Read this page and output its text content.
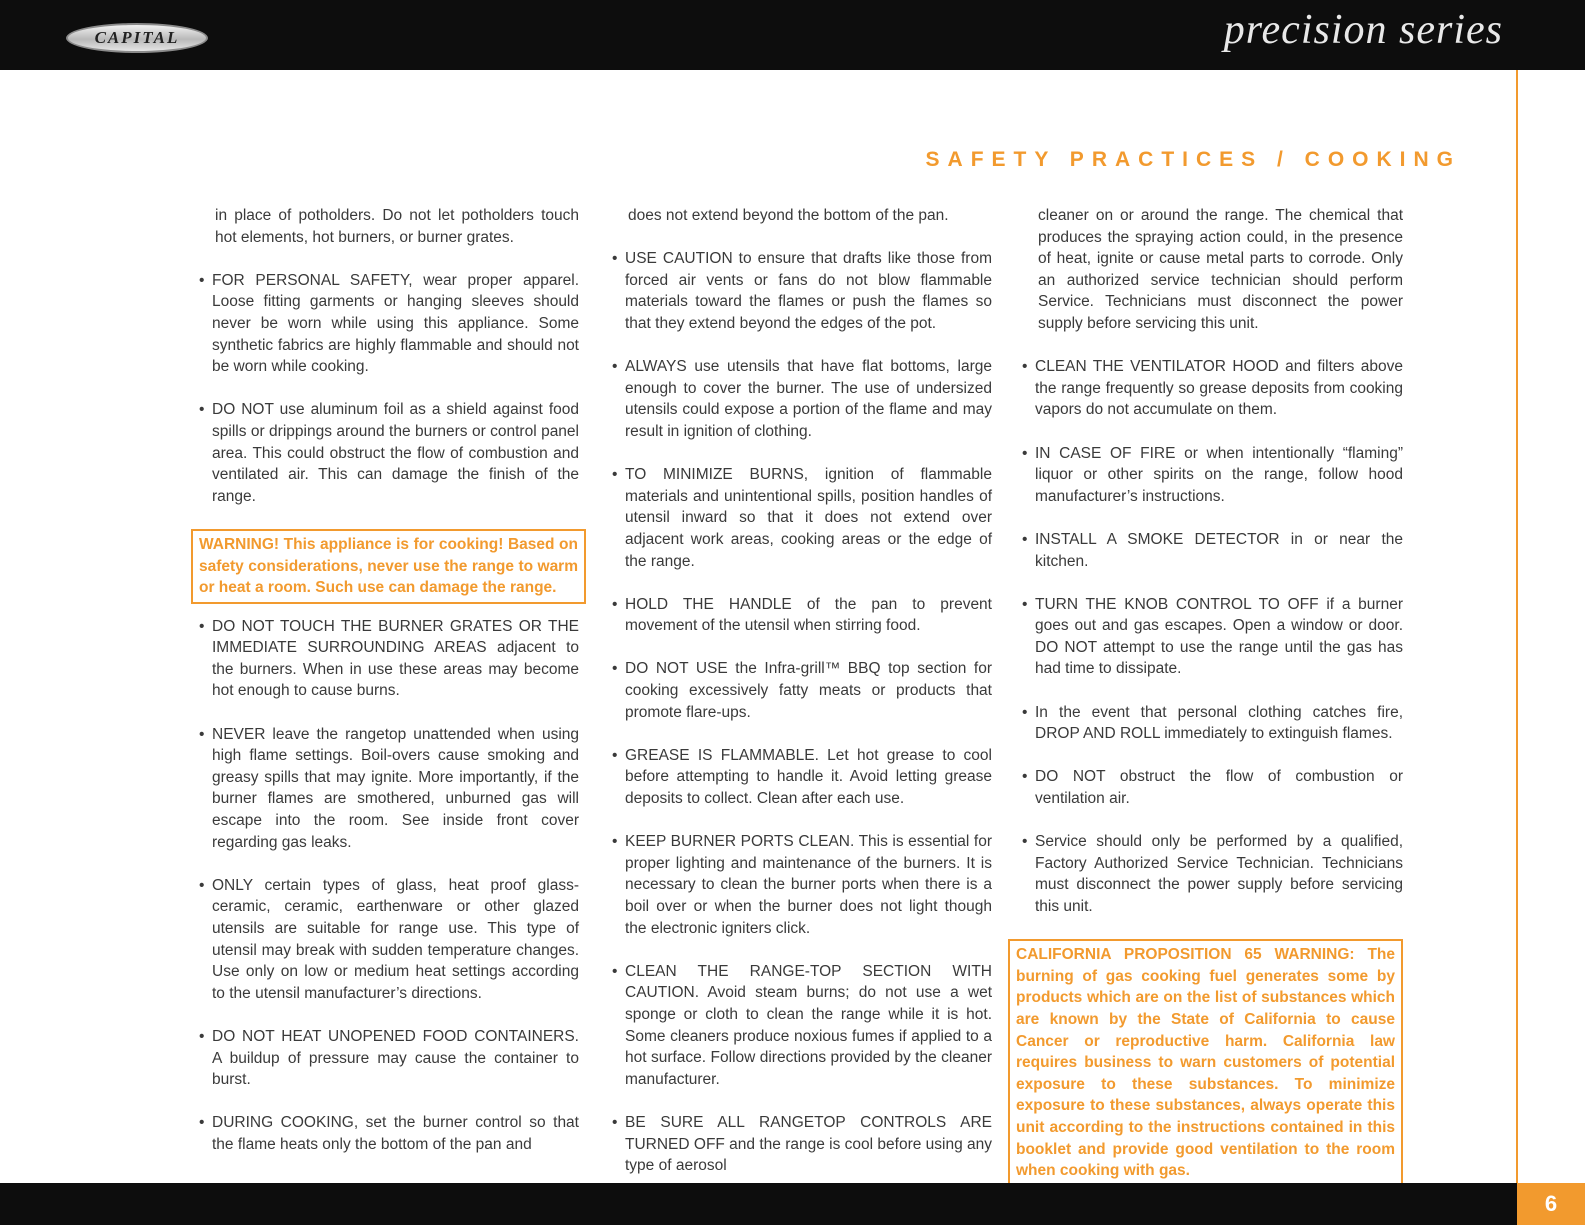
CAPITAL	precision series
SAFETY PRACTICES / COOKING
in place of potholders. Do not let potholders touch hot elements, hot burners, or burner grates.
• FOR PERSONAL SAFETY, wear proper apparel. Loose fitting garments or hanging sleeves should never be worn while using this appliance. Some synthetic fabrics are highly flammable and should not be worn while cooking.
• DO NOT use aluminum foil as a shield against food spills or drippings around the burners or control panel area. This could obstruct the flow of combustion and ventilated air. This can damage the finish of the range.
WARNING! This appliance is for cooking! Based on safety considerations, never use the range to warm or heat a room. Such use can damage the range.
• DO NOT TOUCH THE BURNER GRATES OR THE IMMEDIATE SURROUNDING AREAS adjacent to the burners. When in use these areas may become hot enough to cause burns.
• NEVER leave the rangetop unattended when using high flame settings. Boil-overs cause smoking and greasy spills that may ignite. More importantly, if the burner flames are smothered, unburned gas will escape into the room. See inside front cover regarding gas leaks.
• ONLY certain types of glass, heat proof glass-ceramic, ceramic, earthenware or other glazed utensils are suitable for range use. This type of utensil may break with sudden temperature changes. Use only on low or medium heat settings according to the utensil manufacturer’s directions.
• DO NOT HEAT UNOPENED FOOD CONTAINERS. A buildup of pressure may cause the container to burst.
• DURING COOKING, set the burner control so that the flame heats only the bottom of the pan and
does not extend beyond the bottom of the pan.
• USE CAUTION to ensure that drafts like those from forced air vents or fans do not blow flammable materials toward the flames or push the flames so that they extend beyond the edges of the pot.
• ALWAYS use utensils that have flat bottoms, large enough to cover the burner. The use of undersized utensils could expose a portion of the flame and may result in ignition of clothing.
• TO MINIMIZE BURNS, ignition of flammable materials and unintentional spills, position handles of utensil inward so that it does not extend over adjacent work areas, cooking areas or the edge of the range.
• HOLD THE HANDLE of the pan to prevent movement of the utensil when stirring food.
• DO NOT USE the Infra-grill™ BBQ top section for cooking excessively fatty meats or products that promote flare-ups.
• GREASE IS FLAMMABLE. Let hot grease to cool before attempting to handle it. Avoid letting grease deposits to collect. Clean after each use.
• KEEP BURNER PORTS CLEAN. This is essential for proper lighting and maintenance of the burners. It is necessary to clean the burner ports when there is a boil over or when the burner does not light though the electronic igniters click.
• CLEAN THE RANGE-TOP SECTION WITH CAUTION. Avoid steam burns; do not use a wet sponge or cloth to clean the range while it is hot. Some cleaners produce noxious fumes if applied to a hot surface. Follow directions provided by the cleaner manufacturer.
• BE SURE ALL RANGETOP CONTROLS ARE TURNED OFF and the range is cool before using any type of aerosol
cleaner on or around the range. The chemical that produces the spraying action could, in the presence of heat, ignite or cause metal parts to corrode. Only an authorized service technician should perform Service. Technicians must disconnect the power supply before servicing this unit.
• CLEAN THE VENTILATOR HOOD and filters above the range frequently so grease deposits from cooking vapors do not accumulate on them.
• IN CASE OF FIRE or when intentionally “flaming” liquor or other spirits on the range, follow hood manufacturer’s instructions.
• INSTALL A SMOKE DETECTOR in or near the kitchen.
• TURN THE KNOB CONTROL TO OFF if a burner goes out and gas escapes. Open a window or door. DO NOT attempt to use the range until the gas has had time to dissipate.
• In the event that personal clothing catches fire, DROP AND ROLL immediately to extinguish flames.
• DO NOT obstruct the flow of combustion or ventilation air.
• Service should only be performed by a qualified, Factory Authorized Service Technician. Technicians must disconnect the power supply before servicing this unit.
CALIFORNIA PROPOSITION 65 WARNING: The burning of gas cooking fuel generates some by products which are on the list of substances which are known by the State of California to cause Cancer or reproductive harm. California law requires business to warn customers of potential exposure to these substances. To minimize exposure to these substances, always operate this unit according to the instructions contained in this booklet and provide good ventilation to the room when cooking with gas.
6
